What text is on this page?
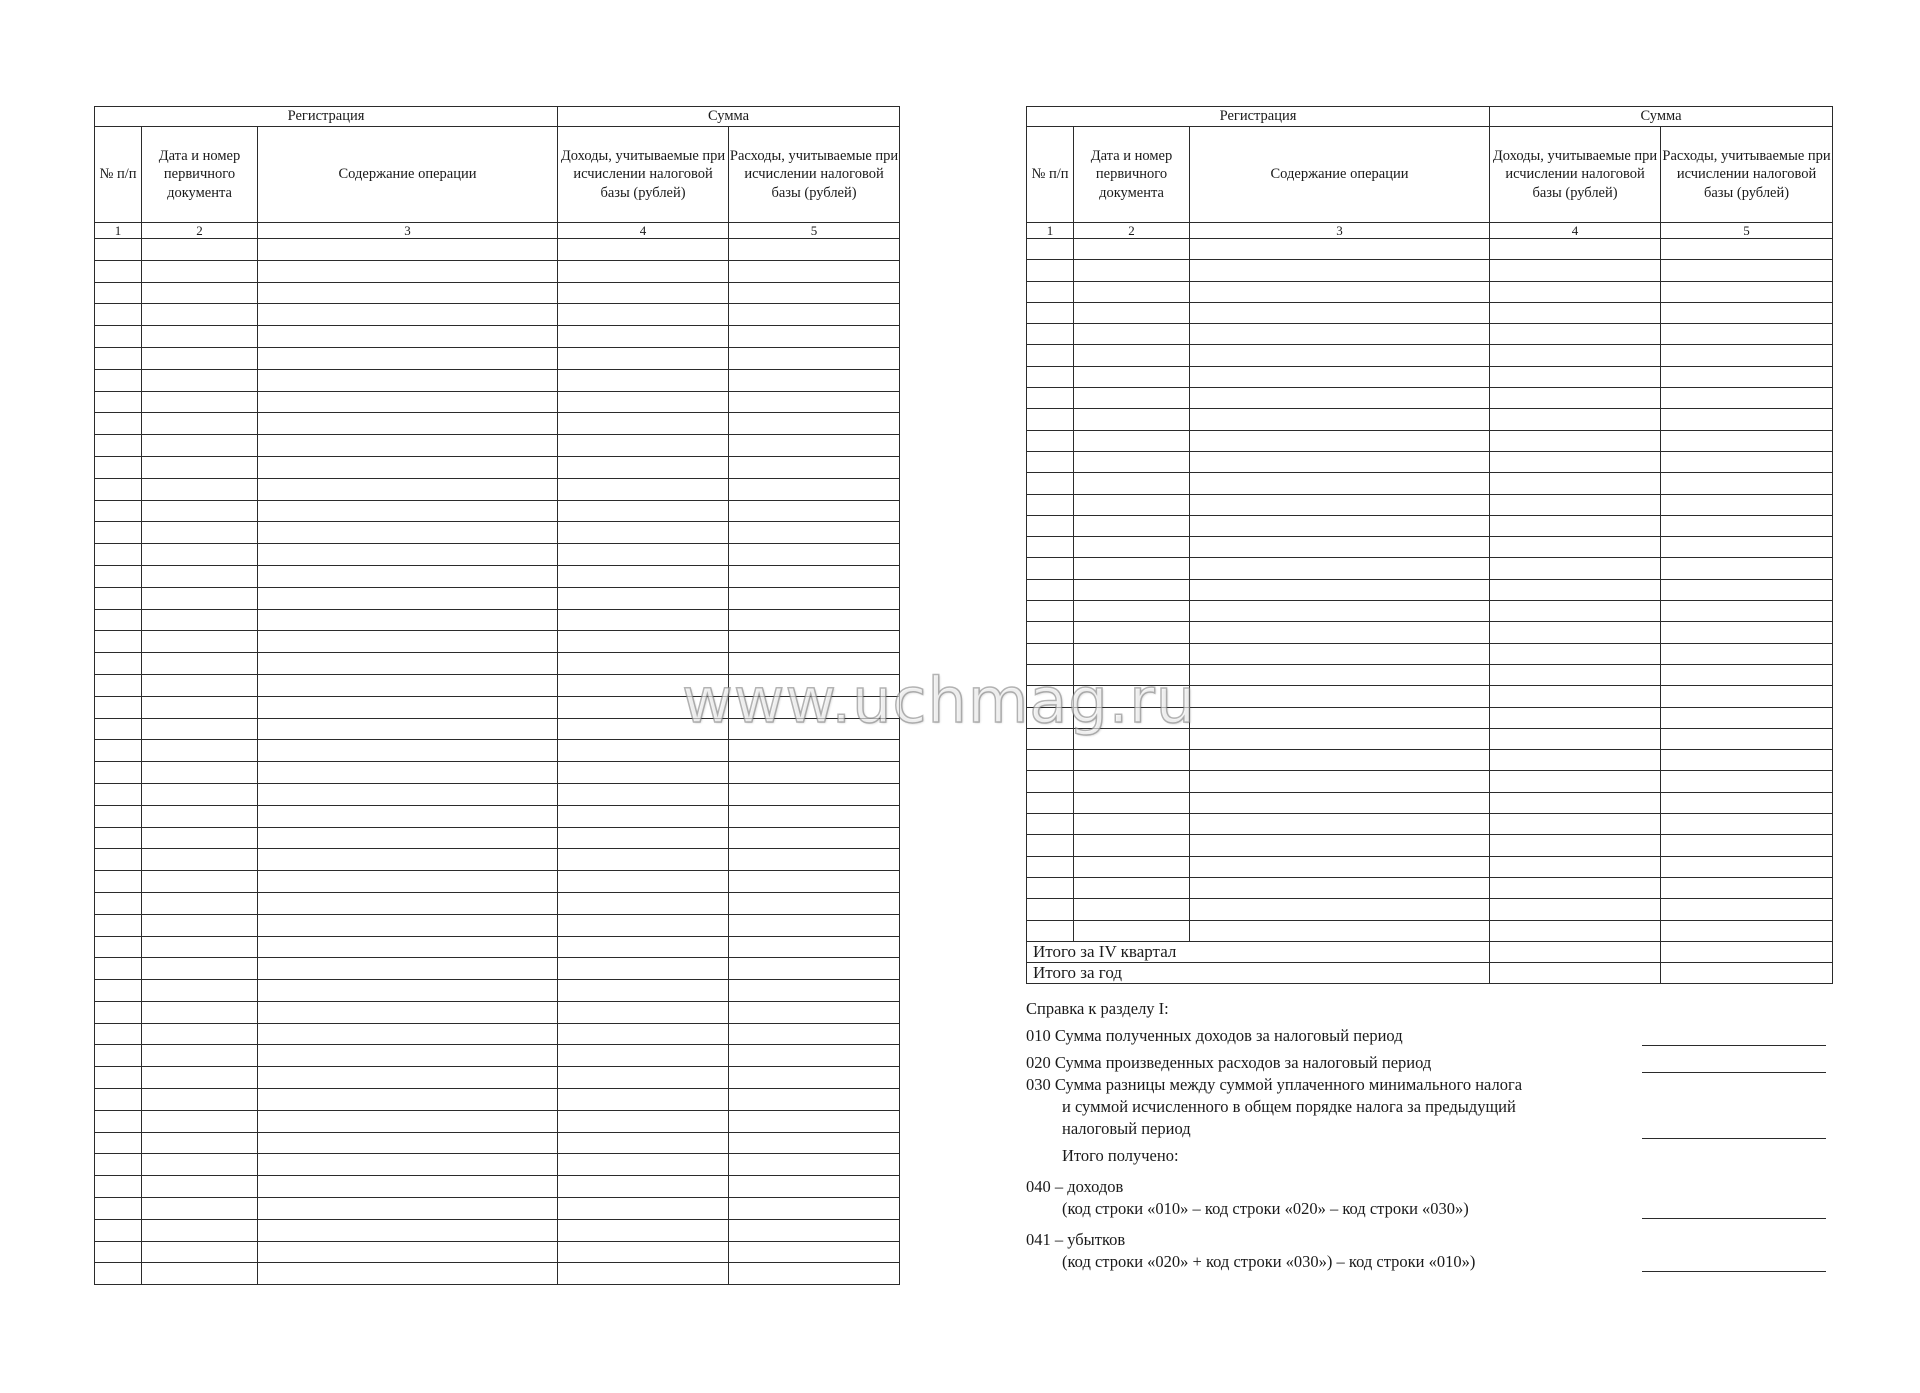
Регистрация			Сумма	
№ п/п	Дата и номер первичного документа	Содержание операции	Доходы, учитываемые при исчислении налоговой базы (рублей)	Расходы, учитываемые при исчислении налоговой базы (рублей)
1	2	3	4	5

Регистрация			Сумма	
№ п/п	Дата и номер первичного документа	Содержание операции	Доходы, учитываемые при исчислении налоговой базы (рублей)	Расходы, учитываемые при исчислении налоговой базы (рублей)
1	2	3	4	5

Итого за IV квартал				
Итого за год				
Справка к разделу I:
010 Сумма полученных доходов за налоговый период
020 Сумма произведенных расходов за налоговый период
030 Сумма разницы между суммой уплаченного минимального налога
и суммой исчисленного в общем порядке налога за предыдущий
налоговый период
Итого получено:
040 – доходов
(код строки «010» – код строки «020» – код строки «030»)
041 – убытков
(код строки «020» + код строки «030») – код строки «010»)
www.uchmag.ru
